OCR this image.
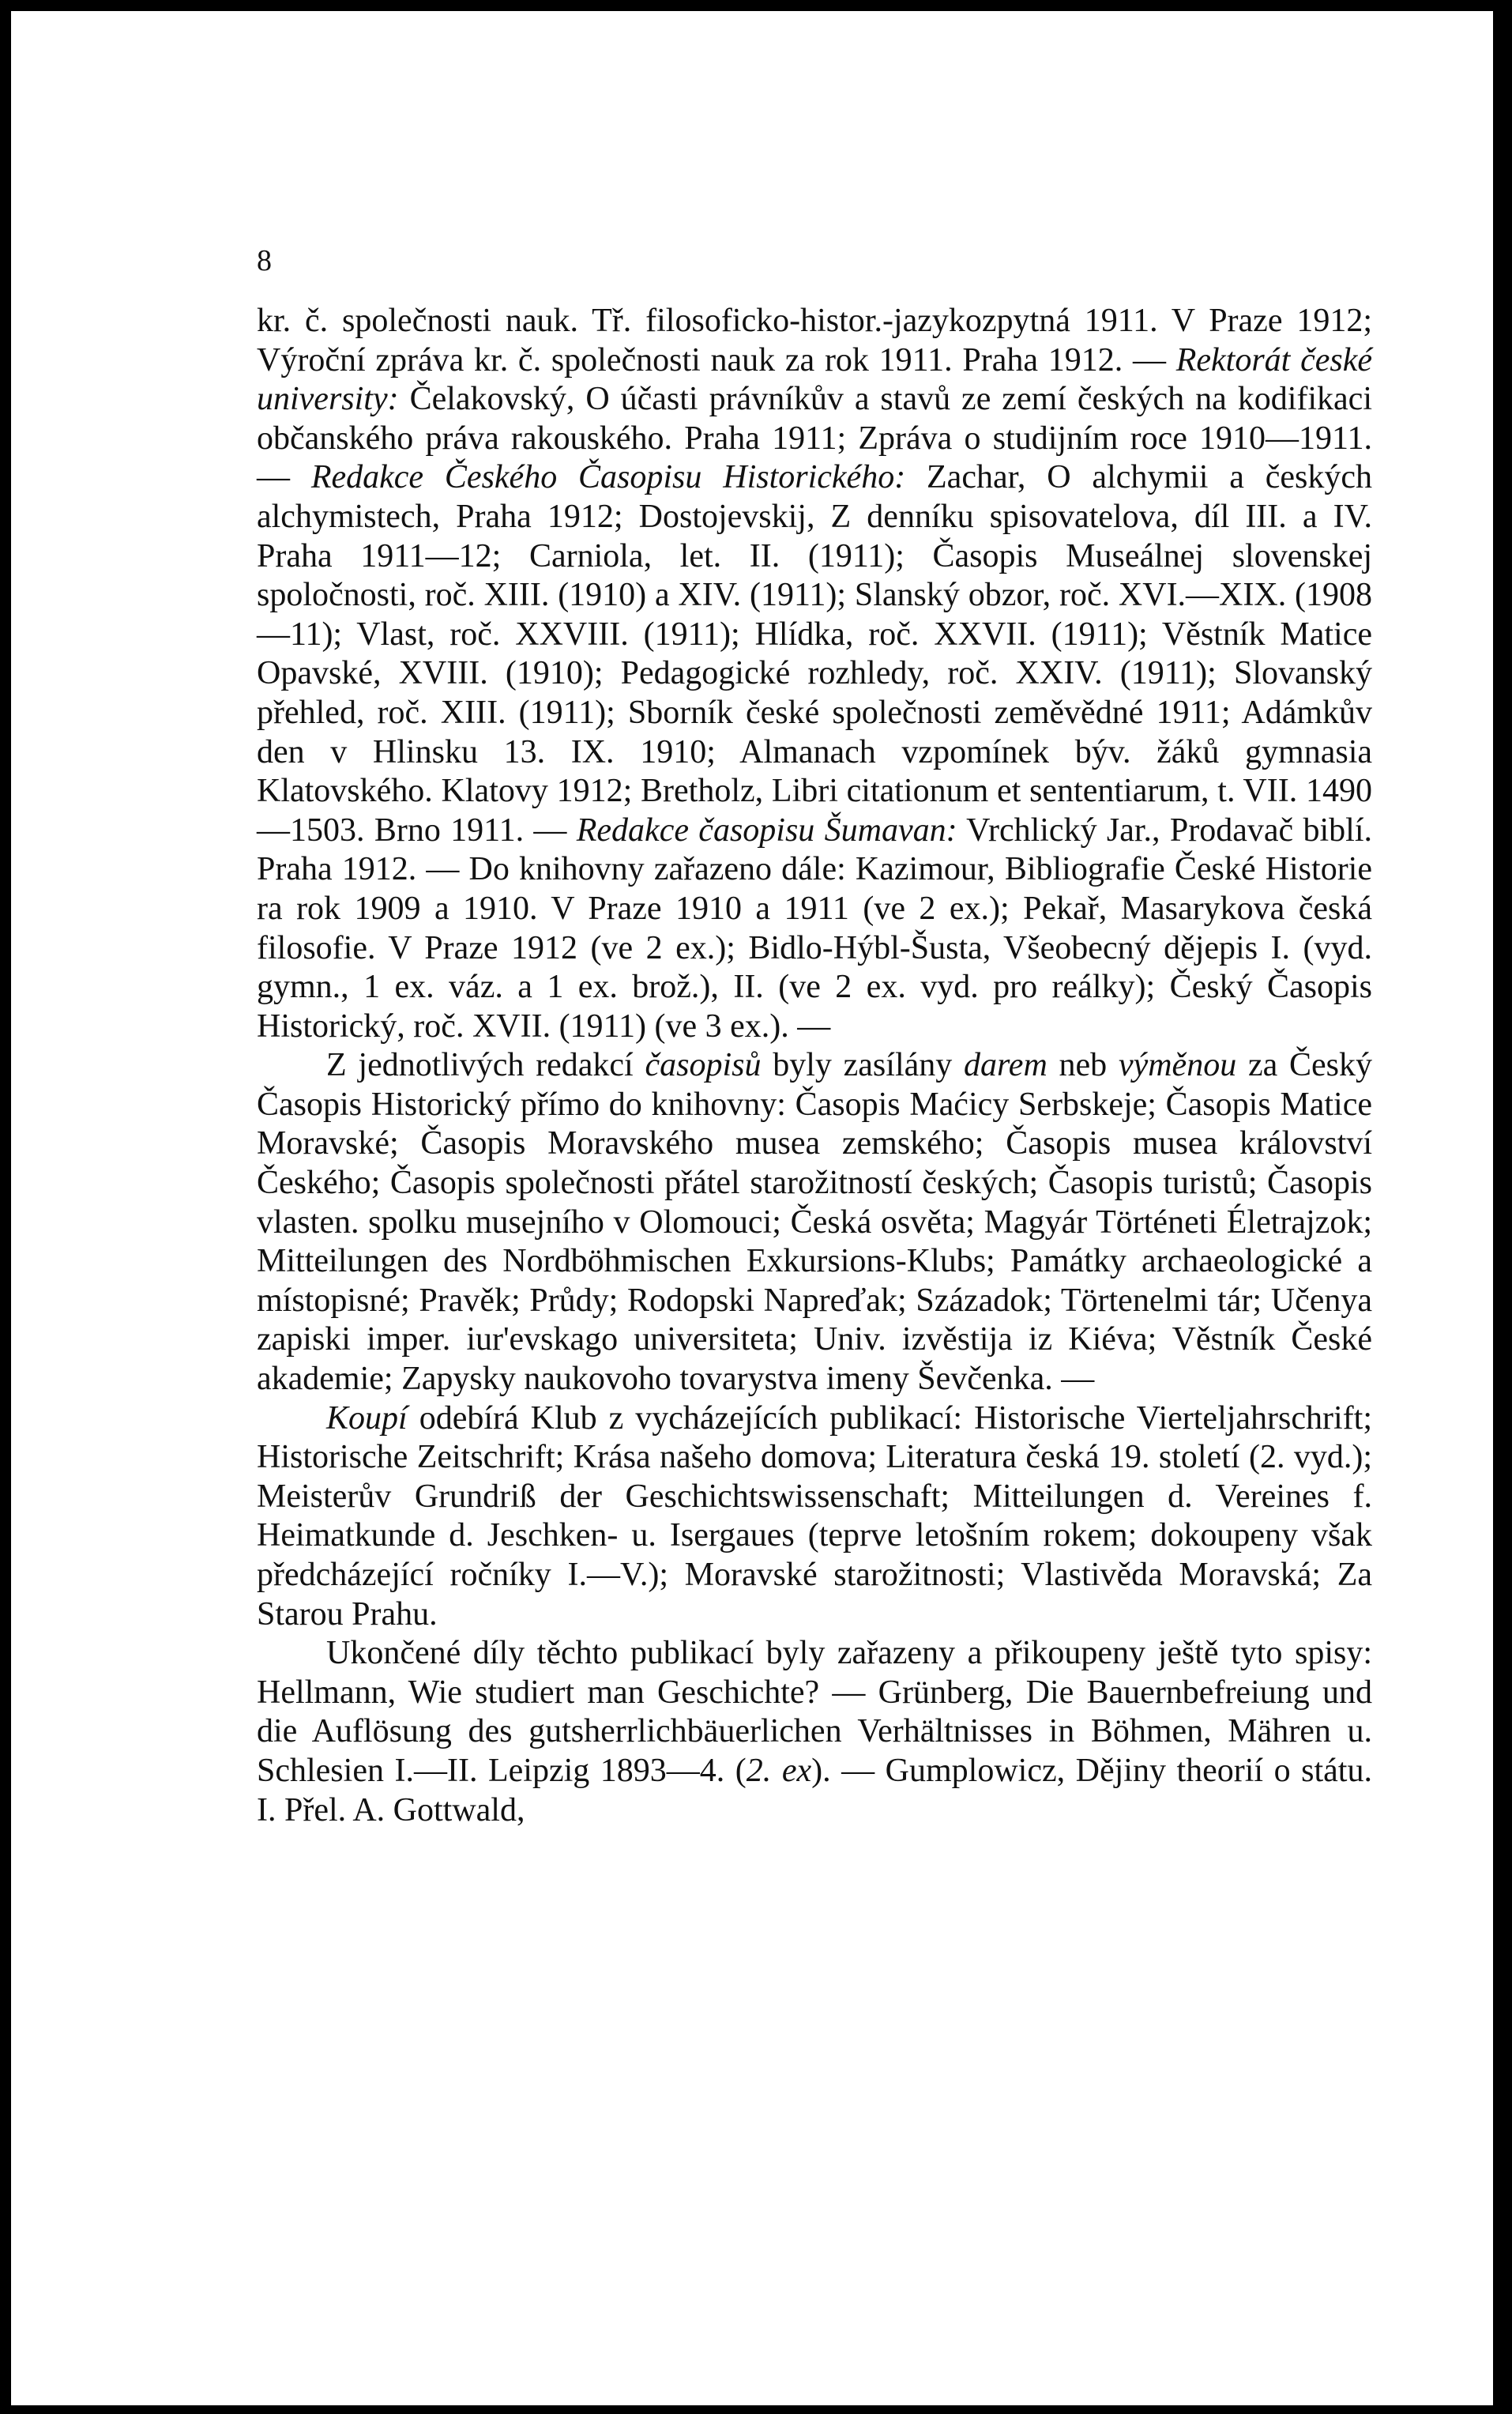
8

kr. č. společnosti nauk. Tř. filosoficko-histor.-jazykozpytná 1911. V Praze 1912; Výroční zpráva kr. č. společnosti nauk za rok 1911. Praha 1912. — Rektorát české university: Čelakovský, O účasti právníkův a stavů ze zemí českých na kodifikaci občanského práva rakouského. Praha 1911; Zpráva o studijním roce 1910—1911. — Redakce Českého Časopisu Historického: Zachar, O alchymii a českých alchymistech, Praha 1912; Dostojevskij, Z denníku spisovatelova, díl III. a IV. Praha 1911—12; Carniola, let. II. (1911); Časopis Museálnej slovenskej spoločnosti, roč. XIII. (1910) a XIV. (1911); Slanský obzor, roč. XVI.—XIX. (1908—11); Vlast, roč. XXVIII. (1911); Hlídka, roč. XXVII. (1911); Věstník Matice Opavské, XVIII. (1910); Pedagogické rozhledy, roč. XXIV. (1911); Slovanský přehled, roč. XIII. (1911); Sborník české společnosti zeměvědné 1911; Adámkův den v Hlinsku 13. IX. 1910; Almanach vzpomínek býv. žáků gymnasia Klatovského. Klatovy 1912; Bretholz, Libri citationum et sententiarum, t. VII. 1490—1503. Brno 1911. — Redakce časopisu Šumavan: Vrchlický Jar., Prodavač biblí. Praha 1912. — Do knihovny zařazeno dále: Kazimour, Bibliografie České Historie ra rok 1909 a 1910. V Praze 1910 a 1911 (ve 2 ex.); Pekař, Masarykova česká filosofie. V Praze 1912 (ve 2 ex.); Bidlo-Hýbl-Šusta, Všeobecný dějepis I. (vyd. gymn., 1 ex. váz. a 1 ex. brož.), II. (ve 2 ex. vyd. pro reálky); Český Časopis Historický, roč. XVII. (1911) (ve 3 ex.). —

Z jednotlivých redakcí časopisů byly zasílány darem neb výměnou za Český Časopis Historický přímo do knihovny: Časopis Maćicy Serbskeje; Časopis Matice Moravské; Časopis Moravského musea zemského; Časopis musea království Českého; Časopis společnosti přátel starožitností českých; Časopis turistů; Časopis vlasten. spolku musejního v Olomouci; Česká osvěta; Magyár Történeti Életrajzok; Mitteilungen des Nordböhmischen Exkursions-Klubs; Památky archaeologické a místopisné; Pravěk; Průdy; Rodopski Napreďak; Századok; Törtenelmi tár; Učenya zapiski imper. iur'evskago universiteta; Univ. izvěstija iz Kiéva; Věstník České akademie; Zapysky naukovoho tovarystva imeny Ševčenka. —

Koupí odebírá Klub z vycházejících publikací: Historische Vierteljahrschrift; Historische Zeitschrift; Krása našeho domova; Literatura česká 19. století (2. vyd.); Meisterův Grundriß der Geschichtswissenschaft; Mitteilungen d. Vereines f. Heimatkunde d. Jeschken- u. Isergaues (teprve letošním rokem; dokoupeny však předcházející ročníky I.—V.); Moravské starožitnosti; Vlastivěda Moravská; Za Starou Prahu.

Ukončené díly těchto publikací byly zařazeny a přikoupeny ještě tyto spisy: Hellmann, Wie studiert man Geschichte? — Grünberg, Die Bauernbefreiung und die Auflösung des gutsherrlichbäuerlichen Verhältnisses in Böhmen, Mähren u. Schlesien I.—II. Leipzig 1893—4. (2. ex). — Gumplowicz, Dějiny theorií o státu. I. Přel. A. Gottwald,
